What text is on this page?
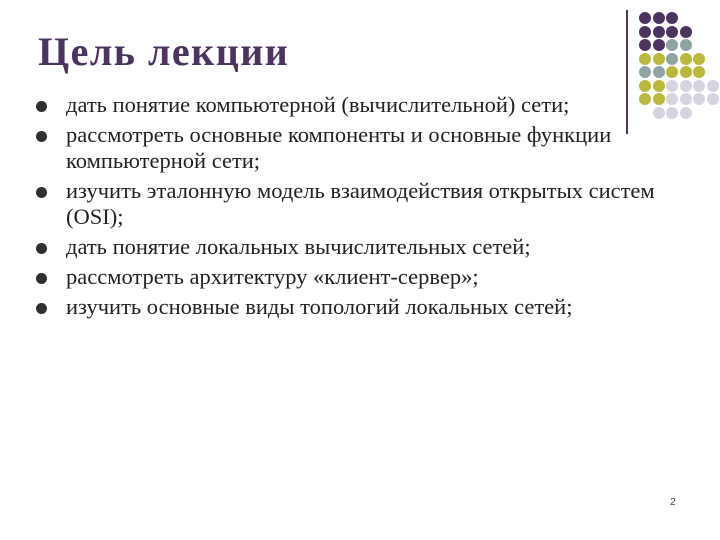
Цель лекции
дать понятие компьютерной (вычислительной) сети;
рассмотреть основные компоненты и основные функции компьютерной сети;
изучить эталонную модель взаимодействия открытых систем (OSI);
дать понятие локальных вычислительных сетей;
рассмотреть архитектуру «клиент-сервер»;
изучить основные виды топологий локальных сетей;
2
